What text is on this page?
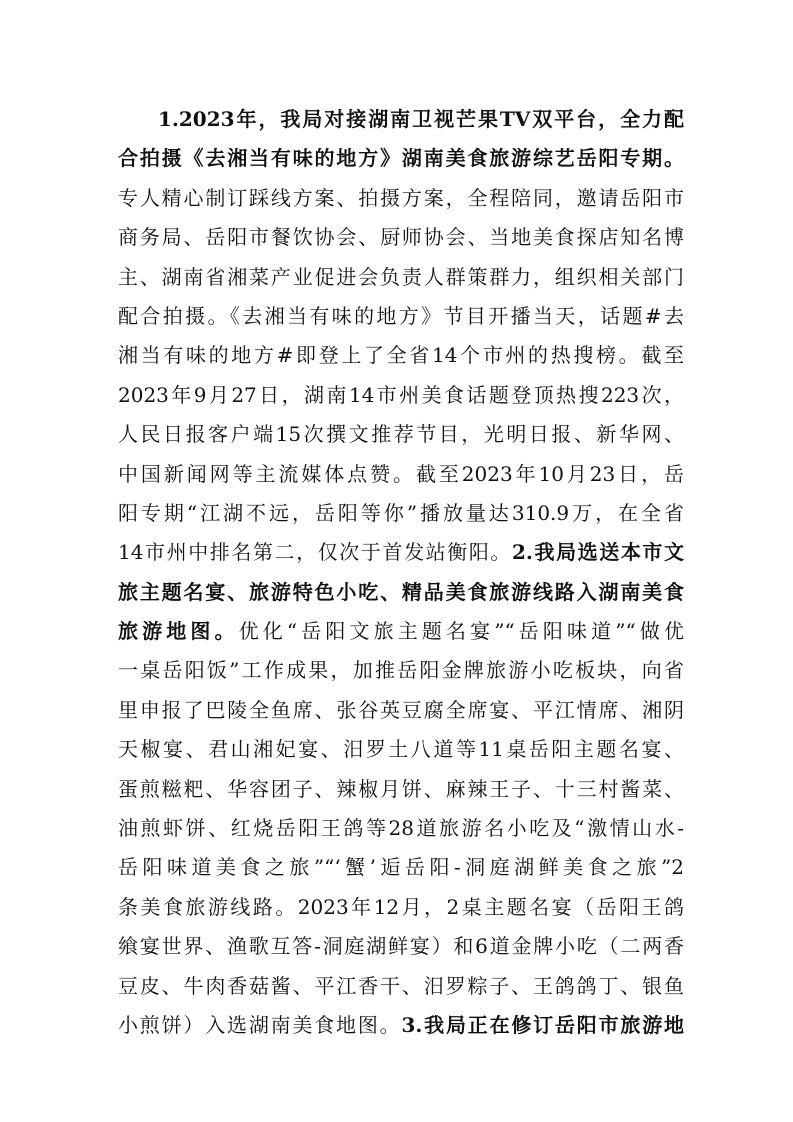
1.2023年，我局对接湖南卫视芒果TV双平台，全力配
合拍摄《去湘当有味的地方》湖南美食旅游综艺岳阳专期。
专人精心制订踩线方案、拍摄方案，全程陪同，邀请岳阳市
商务局、岳阳市餐饮协会、厨师协会、当地美食探店知名博
主、湖南省湘菜产业促进会负责人群策群力，组织相关部门
配合拍摄。《去湘当有味的地方》节目开播当天，话题#去
湘当有味的地方#即登上了全省14个市州的热搜榜。截至
2023年9月27日，湖南14市州美食话题登顶热搜223次，
人民日报客户端15次撰文推荐节目，光明日报、新华网、
中国新闻网等主流媒体点赞。截至2023年10月23日，岳
阳专期“江湖不远，岳阳等你”播放量达310.9万，在全省
14市州中排名第二，仅次于首发站衡阳。2.我局选送本市文
旅主题名宴、旅游特色小吃、精品美食旅游线路入湖南美食
旅游地图。优化“岳阳文旅主题名宴”“岳阳味道”“做优
一桌岳阳饭”工作成果，加推岳阳金牌旅游小吃板块，向省
里申报了巴陵全鱼席、张谷英豆腐全席宴、平江情席、湘阴
天椒宴、君山湘妃宴、汨罗土八道等11桌岳阳主题名宴、
蛋煎糍粑、华容团子、辣椒月饼、麻辣王子、十三村酱菜、
油煎虾饼、红烧岳阳王鸽等28道旅游名小吃及“激情山水-
岳阳味道美食之旅”“‘蟹’逅岳阳-洞庭湖鲜美食之旅”2
条美食旅游线路。2023年12月，2桌主题名宴（岳阳王鸽
飨宴世界、渔歌互答-洞庭湖鲜宴）和6道金牌小吃（二两香
豆皮、牛肉香菇酱、平江香干、汨罗粽子、王鸽鸽丁、银鱼
小煎饼）入选湖南美食地图。3.我局正在修订岳阳市旅游地
